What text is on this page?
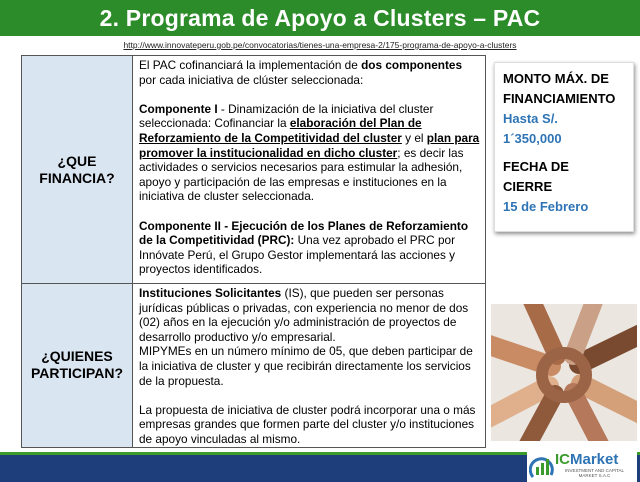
2. Programa de Apoyo a Clusters – PAC
http://www.innovateperu.gob.pe/convocatorias/tienes-una-empresa-2/175-programa-de-apoyo-a-clusters
¿QUE FINANCIA?	El PAC cofinanciará la implementación de dos componentes por cada iniciativa de clúster seleccionada:

Componente I - Dinamización de la iniciativa del cluster seleccionada: Cofinanciar la elaboración del Plan de Reforzamiento de la Competitividad del cluster y el plan para promover la institucionalidad en dicho cluster; es decir las actividades o servicios necesarios para estimular la adhesión, apoyo y participación de las empresas e instituciones en la iniciativa de cluster seleccionada.

Componente II - Ejecución de los Planes de Reforzamiento de la Competitividad (PRC): Una vez aprobado el PRC por Innóvate Perú, el Grupo Gestor implementará las acciones y proyectos identificados.

¿QUIENES PARTICIPAN?	Instituciones Solicitantes (IS), que pueden ser personas jurídicas públicas o privadas, con experiencia no menor de dos (02) años en la ejecución y/o administración de proyectos de desarrollo productivo y/o empresarial.

MIPYMEs en un número mínimo de 05, que deben participar de la iniciativa de cluster y que recibirán directamente los servicios de la propuesta.

La propuesta de iniciativa de cluster podrá incorporar una o más empresas grandes que formen parte del cluster y/o instituciones de apoyo vinculadas al mismo.

MONTO MÁX. DE
FINANCIAMIENTO
Hasta S/.
1´350,000
FECHA DE
CIERRE
15 de Febrero
ICMarket
INVESTMENT AND CAPITAL MARKET S.A.C
